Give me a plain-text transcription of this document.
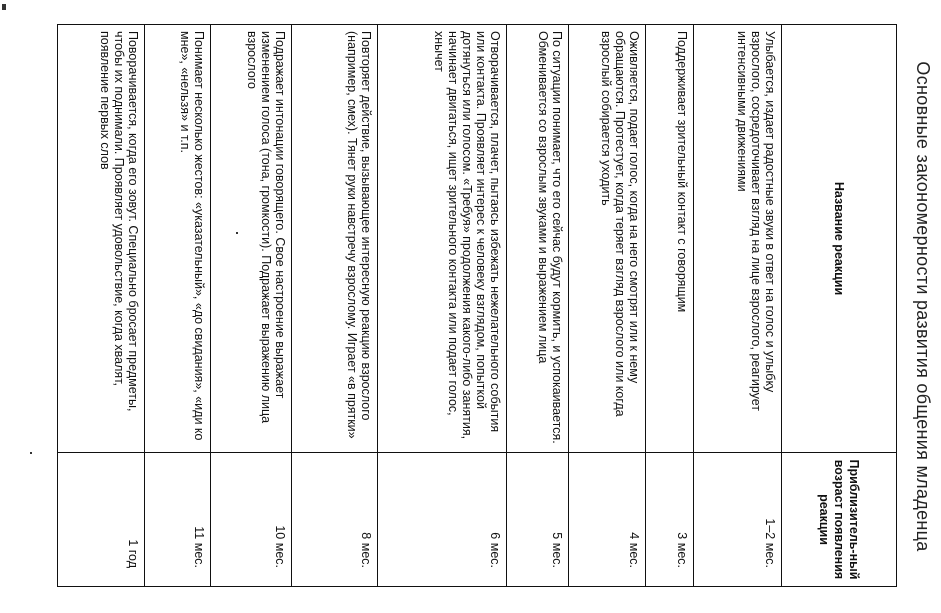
Основные закономерности развития общения младенца
Название реакции	Приблизитель-ный возраст появления реакции
Улыбается, издает радостные звуки в ответ на голос и улыбку взрослого, сосредоточивает взгляд на лице взрослого, реагирует интенсивными движениями	1–2 мес.
Поддерживает зрительный контакт с говорящим	3 мес.
Оживляется, подает голос, когда на него смотрят или к нему обращаются. Протестует, когда теряет взгляд взрослого или когда взрослый собирается уходить	4 мес.
По ситуации понимает, что его сейчас будут кормить, и успокаивается. Обменивается со взрослым звуками и выражением лица	5 мес.
Отворачивается, плачет, пытаясь избежать нежелательного события или контакта. Проявляет интерес к человеку взглядом, попыткой дотянуться или голосом. «Требуя» продолжения какого-либо занятия, начинает двигаться, ищет зрительного контакта или подает голос, хнычет	6 мес.
Повторяет действие, вызывающее интересную реакцию взрослого (например, смех). Тянет руки навстречу взрослому. Играет «в прятки»	8 мес.
Подражает интонации говорящего. Свое настроение выражает изменением голоса (тона, громкости). Подражает выражению лица взрослого	10 мес.
Понимает несколько жестов: «указательный», «до свидания», «иди ко мне», «нельзя» и т.п.	11 мес.
Поворачивается, когда его зовут. Специально бросает предметы, чтобы их поднимали. Проявляет удовольствие, когда хвалят, появление первых слов	1 год
